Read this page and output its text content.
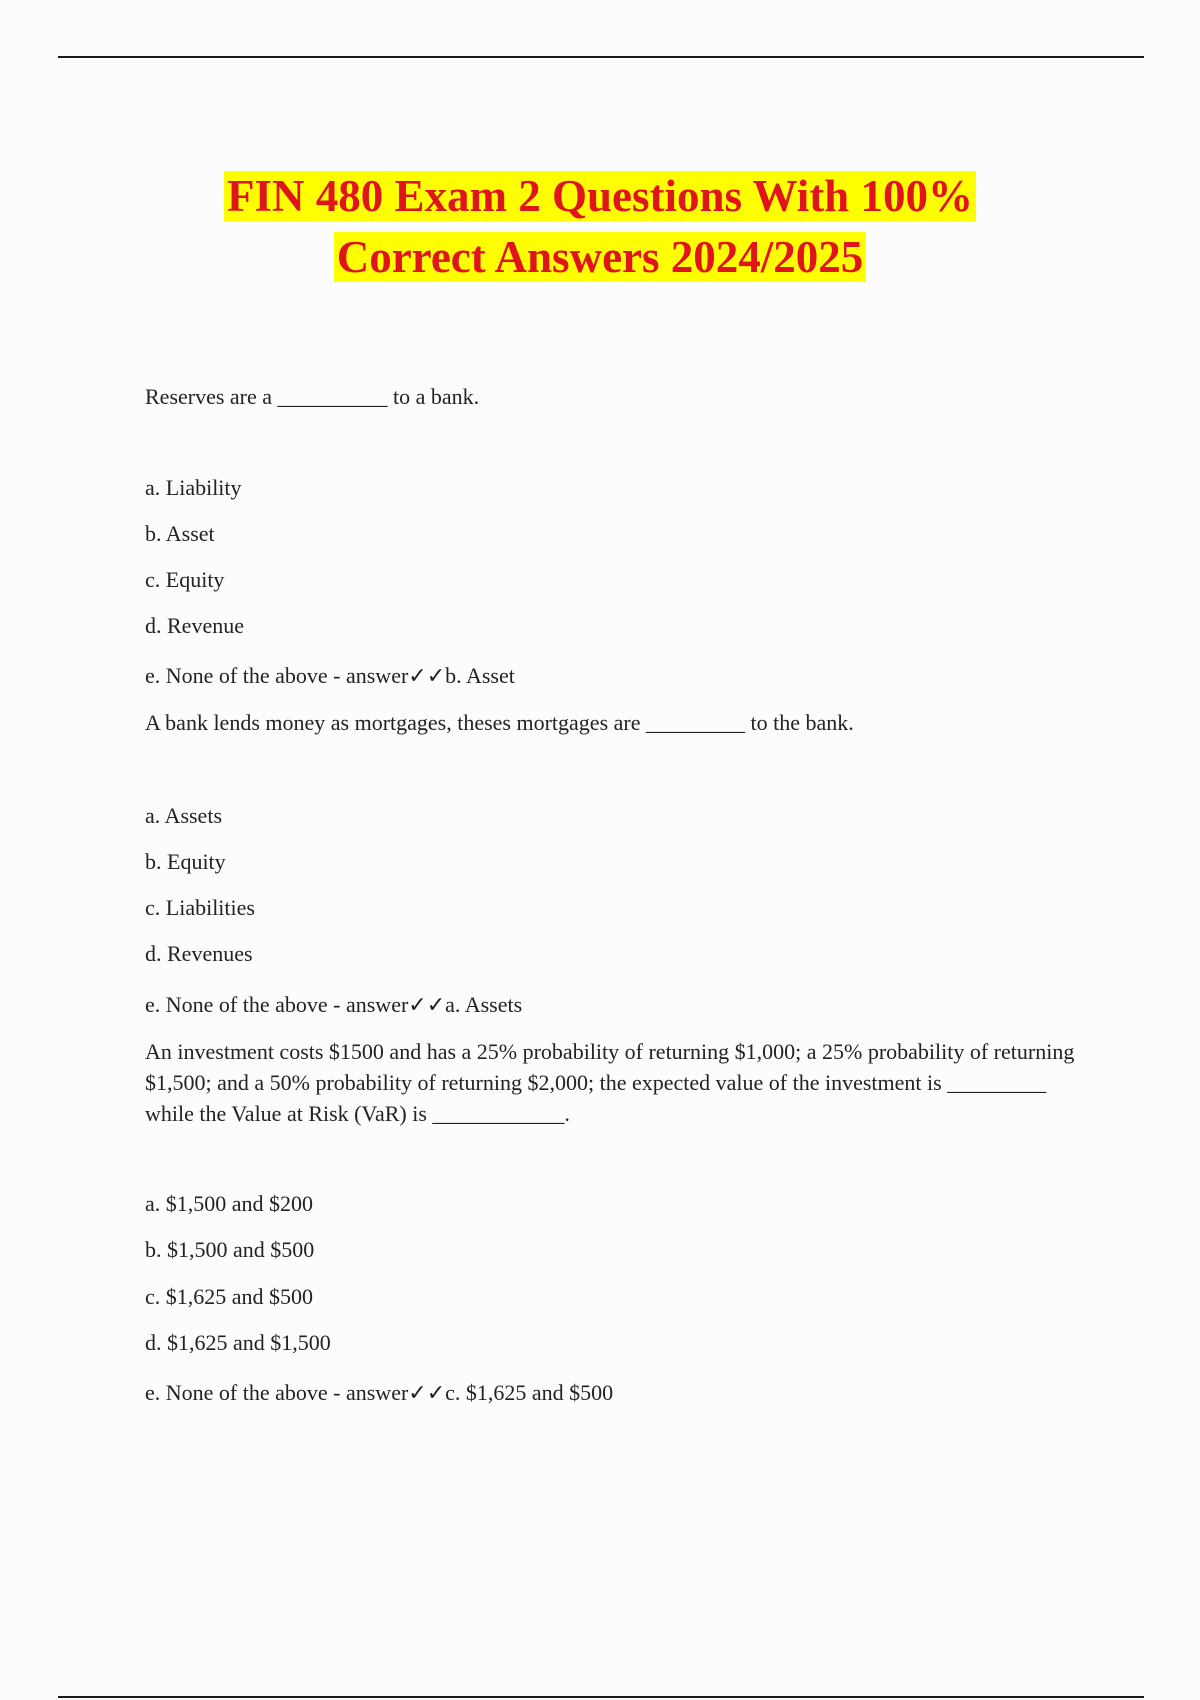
FIN 480 Exam 2 Questions With 100%
Correct Answers 2024/2025
Reserves are a __________ to a bank.
a. Liability
b. Asset
c. Equity
d. Revenue
e. None of the above - answer✓✓b. Asset
A bank lends money as mortgages, theses mortgages are _________ to the bank.
a. Assets
b. Equity
c. Liabilities
d. Revenues
e. None of the above - answer✓✓a. Assets
An investment costs $1500 and has a 25% probability of returning $1,000; a 25% probability of returning $1,500; and a 50% probability of returning $2,000; the expected value of the investment is _________ while the Value at Risk (VaR) is ____________.
a. $1,500 and $200
b. $1,500 and $500
c. $1,625 and $500
d. $1,625 and $1,500
e. None of the above - answer✓✓c. $1,625 and $500
